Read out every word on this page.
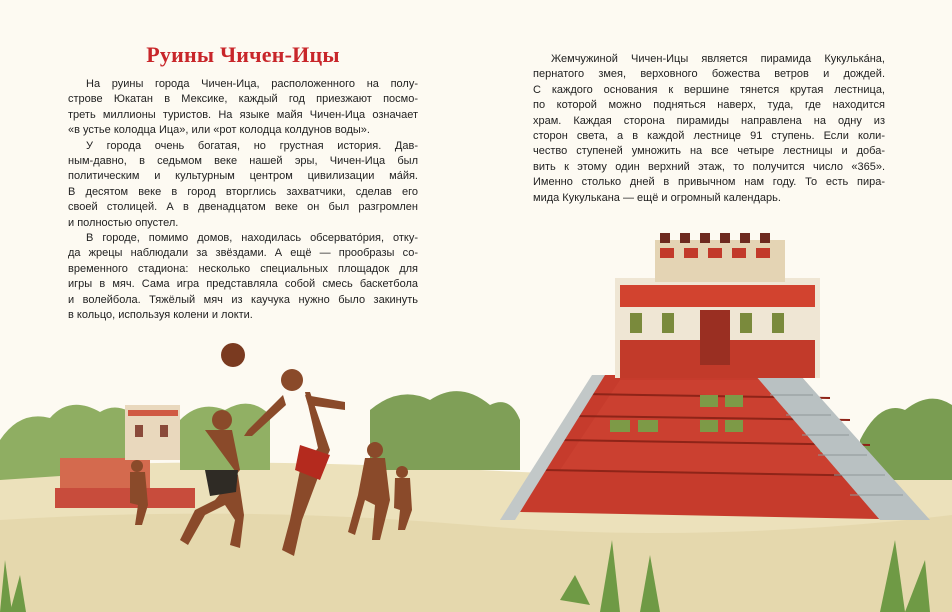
Руины Чичен-Ицы

На руины города Чичен-Ица, расположенного на полу-
строве Юкатан в Мексике, каждый год приезжают посмо-
треть миллионы туристов. На языке майя Чичен-Ица означает
«в устье колодца Ица», или «рот колодца колдунов воды».

У города очень богатая, но грустная история. Дав-
ным-давно, в седьмом веке нашей эры, Чичен-Ица был
политическим и культурным центром цивилизации ма́йя.
В десятом веке в город вторглись захватчики, сделав его
своей столицей. А в двенадцатом веке он был разгромлен
и полностью опустел.

В городе, помимо домов, находилась обсервато́рия, отку-
да жрецы наблюдали за звёздами. А ещё — прообразы со-
временного стадиона: несколько специальных площадок для
игры в мяч. Сама игра представляла собой смесь баскетбола
и волейбола. Тяжёлый мяч из каучука нужно было закинуть
в кольцо, используя колени и локти.

Жемчужиной Чичен-Ицы является пирамида Кукулька́на,
пернатого змея, верховного божества ветров и дождей.
С каждого основания к вершине тянется крутая лестница,
по которой можно подняться наверх, туда, где находится
храм. Каждая сторона пирамиды направлена на одну из
сторон света, а в каждой лестнице 91 ступень. Если коли-
чество ступеней умножить на все четыре лестницы и доба-
вить к этому один верхний этаж, то получится число «365».
Именно столько дней в привычном нам году. То есть пира-
мида Кукулькана — ещё и огромный календарь.
